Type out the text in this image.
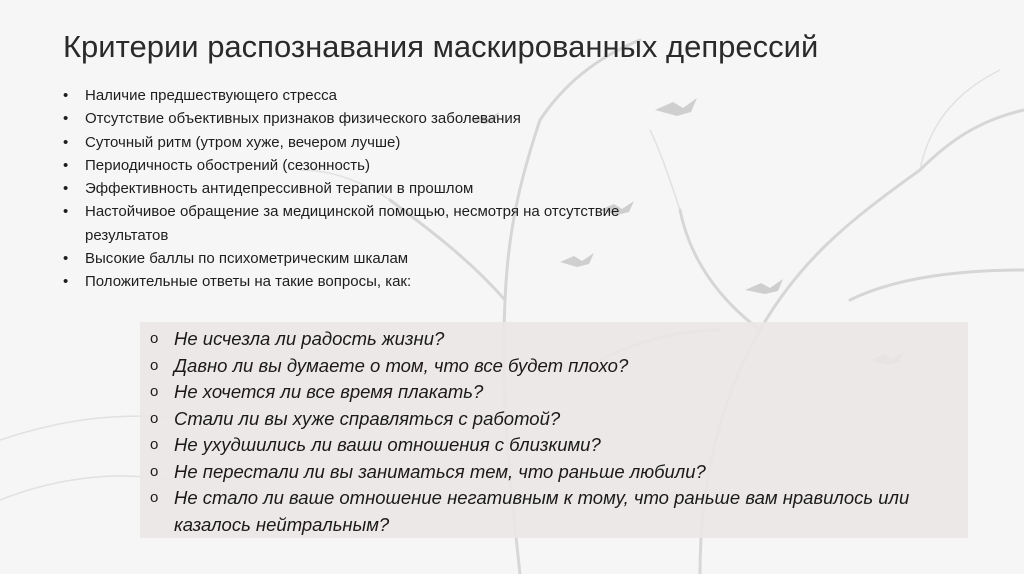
Критерии распознавания маскированных депрессий
• Наличие предшествующего стресса
• Отсутствие объективных признаков физического заболевания
• Суточный ритм (утром хуже, вечером лучше)
• Периодичность обострений (сезонность)
• Эффективность антидепрессивной терапии в прошлом
• Настойчивое обращение за медицинской помощью, несмотря на отсутствие результатов
• Высокие баллы по психометрическим шкалам
• Положительные ответы на такие вопросы, как:
o Не исчезла ли радость жизни?
o Давно ли вы думаете о том, что все будет плохо?
o Не хочется ли все время плакать?
o Стали ли вы хуже справляться с работой?
o Не ухудшились ли ваши отношения с близкими?
o Не перестали ли вы заниматься тем, что раньше любили?
o Не стало ли ваше отношение негативным к тому, что раньше вам нравилось или казалось нейтральным?
